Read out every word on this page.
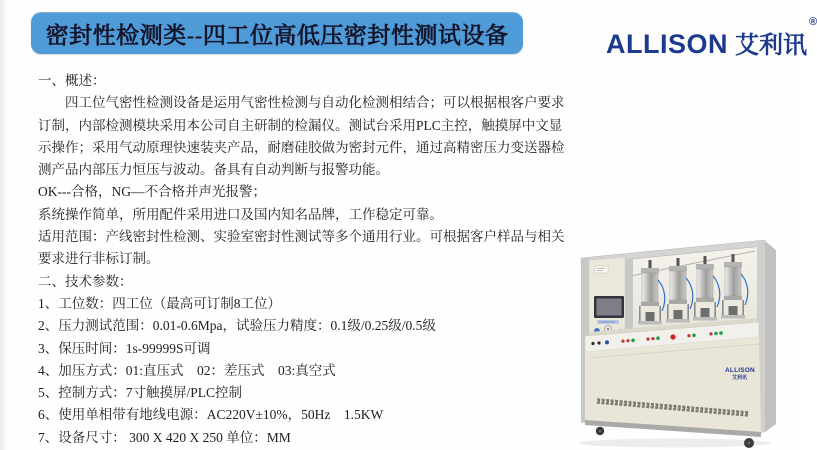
密封性检测类--四工位高低压密封性测试设备	ALLISON 艾利讯
®
一、概述：
　　四工位气密性检测设备是运用气密性检测与自动化检测相结合；可以根据根客户要求
订制，内部检测模块采用本公司自主研制的检漏仪。测试台采用PLC主控，触摸屏中文显
示操作；采用气动原理快速装夹产品，耐磨硅胶做为密封元件，通过高精密压力变送器检
测产品内部压力恒压与波动。备具有自动判断与报警功能。
OK---合格，NG—不合格并声光报警；
系统操作简单，所用配件采用进口及国内知名品牌，工作稳定可靠。
适用范围：产线密封性检测、实验室密封性测试等多个通用行业。可根据客户样品与相关
要求进行非标订制。
二、技术参数：
1、工位数：四工位（最高可订制8工位）
2、压力测试范围：0.01-0.6Mpa，试验压力精度：0.1级/0.25级/0.5级
3、保压时间：1s-99999S可调
4、加压方式：01:直压式　02：差压式　03:真空式
5、控制方式：7寸触摸屏/PLC控制
6、使用单相带有地线电源：AC220V±10%，50Hz　1.5KW
7、设备尺寸： 300 X 420 X 250 单位：MM
ALLISON
艾利讯
